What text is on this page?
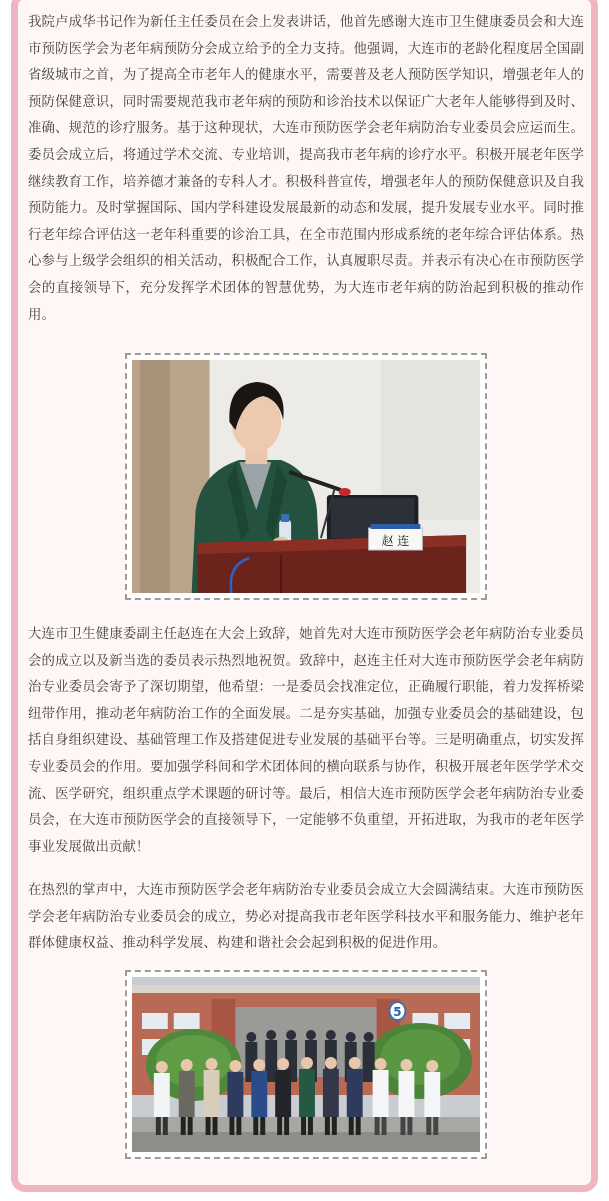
我院卢成华书记作为新任主任委员在会上发表讲话，他首先感谢大连市卫生健康委员会和大连市预防医学会为老年病预防分会成立给予的全力支持。他强调，大连市的老龄化程度居全国副省级城市之首，为了提高全市老年人的健康水平，需要普及老人预防医学知识，增强老年人的预防保健意识，同时需要规范我市老年病的预防和诊治技术以保证广大老年人能够得到及时、准确、规范的诊疗服务。基于这种现状，大连市预防医学会老年病防治专业委员会应运而生。委员会成立后，将通过学术交流、专业培训，提高我市老年病的诊疗水平。积极开展老年医学继续教育工作，培养德才兼备的专科人才。积极科普宣传，增强老年人的预防保健意识及自我预防能力。及时掌握国际、国内学科建设发展最新的动态和发展，提升发展专业水平。同时推行老年综合评估这一老年科重要的诊治工具，在全市范围内形成系统的老年综合评估体系。热心参与上级学会组织的相关活动，积极配合工作，认真履职尽责。并表示有决心在市预防医学会的直接领导下，充分发挥学术团体的智慧优势，为大连市老年病的防治起到积极的推动作用。

赵 连

大连市卫生健康委副主任赵连在大会上致辞，她首先对大连市预防医学会老年病防治专业委员会的成立以及新当选的委员表示热烈地祝贺。致辞中，赵连主任对大连市预防医学会老年病防治专业委员会寄予了深切期望，他希望：一是委员会找准定位，正确履行职能，着力发挥桥梁纽带作用，推动老年病防治工作的全面发展。二是夯实基础，加强专业委员会的基础建设，包括自身组织建设、基础管理工作及搭建促进专业发展的基础平台等。三是明确重点，切实发挥专业委员会的作用。要加强学科间和学术团体间的横向联系与协作，积极开展老年医学学术交流、医学研究，组织重点学术课题的研讨等。最后，相信大连市预防医学会老年病防治专业委员会，在大连市预防医学会的直接领导下，一定能够不负重望，开拓进取，为我市的老年医学事业发展做出贡献！

在热烈的掌声中，大连市预防医学会老年病防治专业委员会成立大会圆满结束。大连市预防医学会老年病防治专业委员会的成立，势必对提高我市老年医学科技水平和服务能力、维护老年群体健康权益、推动科学发展、构建和谐社会会起到积极的促进作用。

5
